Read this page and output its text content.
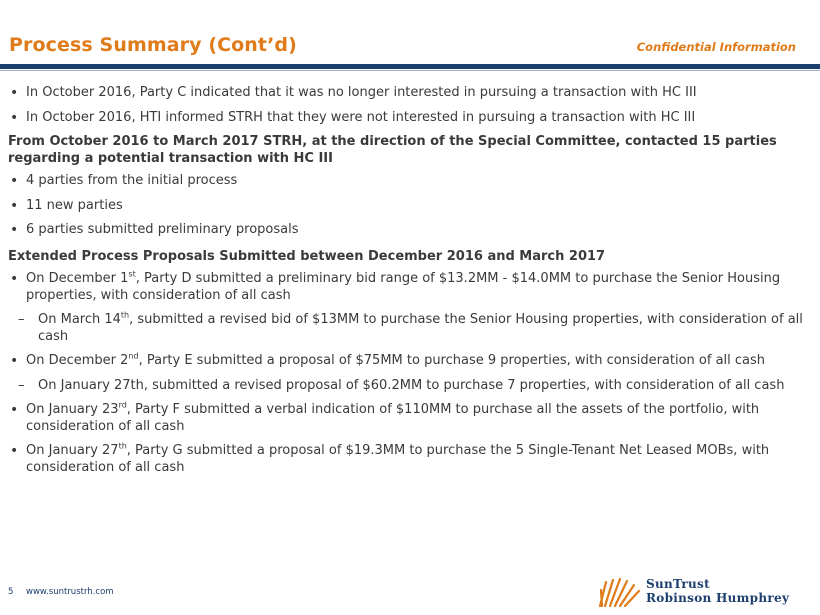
Process Summary (Cont’d)	Confidential Information
• In October 2016, Party C indicated that it was no longer interested in pursuing a transaction with HC III
• In October 2016, HTI informed STRH that they were not interested in pursuing a transaction with HC III
From October 2016 to March 2017 STRH, at the direction of the Special Committee, contacted 15 parties regarding a potential transaction with HC III
• 4 parties from the initial process
• 11 new parties
• 6 parties submitted preliminary proposals
Extended Process Proposals Submitted between December 2016 and March 2017
• On December 1st, Party D submitted a preliminary bid range of $13.2MM - $14.0MM to purchase the Senior Housing properties, with consideration of all cash
– On March 14th, submitted a revised bid of $13MM to purchase the Senior Housing properties, with consideration of all cash
• On December 2nd, Party E submitted a proposal of $75MM to purchase 9 properties, with consideration of all cash
– On January 27th, submitted a revised proposal of $60.2MM to purchase 7 properties, with consideration of all cash
• On January 23rd, Party F submitted a verbal indication of $110MM to purchase all the assets of the portfolio, with consideration of all cash
• On January 27th, Party G submitted a proposal of $19.3MM to purchase the 5 Single-Tenant Net Leased MOBs, with consideration of all cash
5 www.suntrustrh.com
SunTrust
Robinson Humphrey
